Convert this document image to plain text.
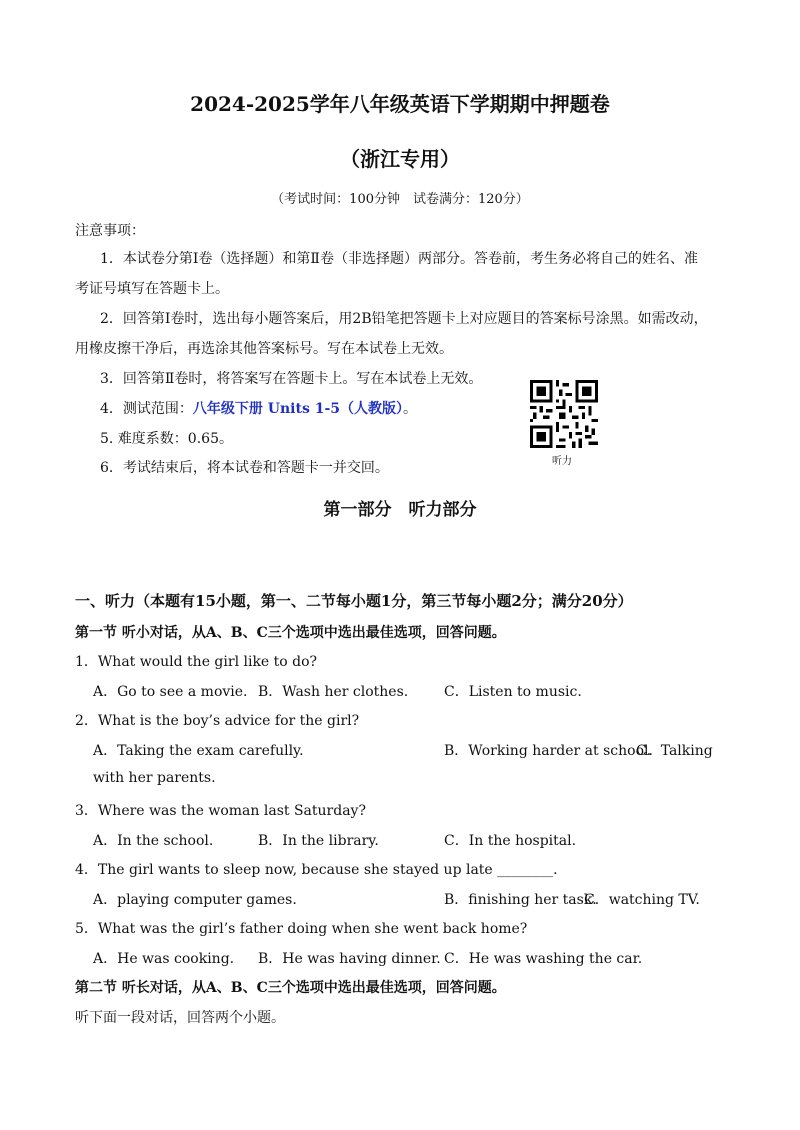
2024-2025学年八年级英语下学期期中押题卷
（浙江专用）
（考试时间：100分钟　试卷满分：120分）
注意事项：
1．本试卷分第Ⅰ卷（选择题）和第Ⅱ卷（非选择题）两部分。答卷前，考生务必将自己的姓名、准
考证号填写在答题卡上。
2．回答第Ⅰ卷时，选出每小题答案后，用2B铅笔把答题卡上对应题目的答案标号涂黑。如需改动，
用橡皮擦干净后，再选涂其他答案标号。写在本试卷上无效。
3．回答第Ⅱ卷时，将答案写在答题卡上。写在本试卷上无效。
4．测试范围：八年级下册 Units 1-5（人教版）。
5. 难度系数：0.65。
6．考试结束后，将本试卷和答题卡一并交回。	听力
第一部分　听力部分
一、听力（本题有15小题，第一、二节每小题1分，第三节每小题2分；满分20分）
第一节 听小对话，从A、B、C三个选项中选出最佳选项，回答问题。
1．What would the girl like to do?
A．Go to see a movie. B．Wash her clothes.	C．Listen to music.
2．What is the boy’s advice for the girl?
A．Taking the exam carefully.	B．Working harder at school.
C．Talking
with her parents.
3．Where was the woman last Saturday?
A．In the school.	B．In the library.	C．In the hospital.
4．The girl wants to sleep now, because she stayed up late ________.
A．playing computer games.	B．finishing her task.
C．watching TV.
5．What was the girl’s father doing when she went back home?
A．He was cooking. B．He was having dinner. C．He was washing the car.
第二节 听长对话，从A、B、C三个选项中选出最佳选项，回答问题。
听下面一段对话，回答两个小题。
